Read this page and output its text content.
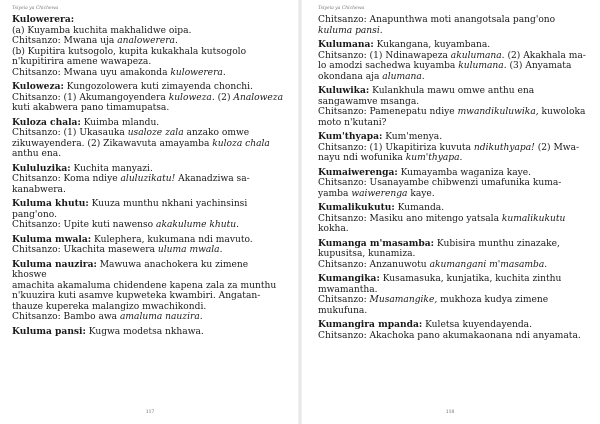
Tsiyeia ya Chichewa

Kulowerera:

(a) Kuyamba kuchita makhalidwe oipa.

Chitsanzo: Mwana uja analowerera.

(b) Kupitira kutsogolo, kupita kukakhala kutsogolo

n'kupitirira amene wawapeza.

Chitsanzo: Mwana uyu amakonda kulowerera.

Kuloweza: Kungozolowera kuti zimayenda chonchi.

Chitsanzo: (1) Akumangoyendera kuloweza. (2) Analoweza

kuti akabwera pano timamupatsa.

Kuloza chala: Kuimba mlandu.

Chitsanzo: (1) Ukasauka usaloze zala anzako omwe

zikuwayendera. (2) Zikawavuta amayamba kuloza chala

anthu ena.

Kululuzika: Kuchita manyazi.

Chitsanzo: Koma ndiye aluluzikatu! Akanadziwa sa-

kanabwera.

Kuluma khutu: Kuuza munthu nkhani yachinsinsi

pang'ono.

Chitsanzo: Upite kuti nawenso akakulume khutu.

Kuluma mwala: Kulephera, kukumana ndi mavuto.

Chitsanzo: Ukachita masewera uluma mwala.

Kuluma nauzira: Mawuwa anachokera ku zimene khoswe

amachita akamaluma chidendene kapena zala za munthu

n'kuuzira kuti asamve kupweteka kwambiri. Angatan-

thauze kupereka malangizo mwachikondi.

Chitsanzo: Bambo awa amaluma nauzira.

Kuluma pansi: Kugwa modetsa nkhawa.

117
Tsiyeia ya Chichewa

Chitsanzo: Anapunthwa moti anangotsala pang'ono

kuluma pansi.

Kulumana: Kukangana, kuyambana.

Chitsanzo: (1) Ndinawapeza akulumana. (2) Akakhala ma-

lo amodzi sachedwa kuyamba kulumana. (3) Anyamata

okondana aja alumana.

Kuluwika: Kulankhula mawu omwe anthu ena

sangawamve msanga.

Chitsanzo: Pamenepatu ndiye mwandikuluwika, kuwoloka

moto n'kutani?

Kum'thyapa: Kum'menya.

Chitsanzo: (1) Ukapitiriza kuvuta ndikuthyapa! (2) Mwa-

nayu ndi wofunika kum'thyapa.

Kumaiwerenga: Kumayamba waganiza kaye.

Chitsanzo: Usanayambe chibwenzi umafunika kuma-

yamba waiwerenga kaye.

Kumalikukutu: Kumanda.

Chitsanzo: Masiku ano mitengo yatsala kumalikukutu

kokha.

Kumanga m'masamba: Kubisira munthu zinazake,

kupusitsa, kunamiza.

Chitsanzo: Anzanuwotu akumangani m'masamba.

Kumangika: Kusamasuka, kunjatika, kuchita zinthu

mwamantha.

Chitsanzo: Musamangike, mukhoza kudya zimene

mukufuna.

Kumangira mpanda: Kuletsa kuyendayenda.

Chitsanzo: Akachoka pano akumakaonana ndi anyamata.

118
